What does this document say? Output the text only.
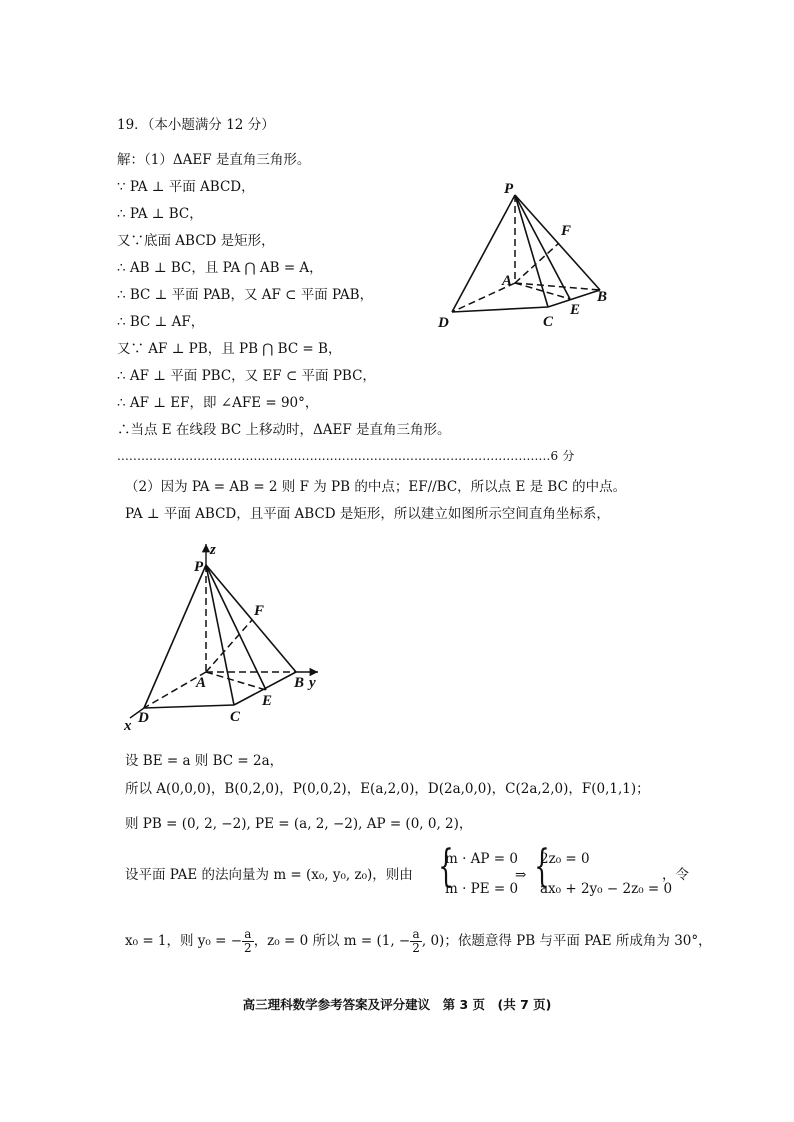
19．（本小题满分 12 分）
解：（1）ΔAEF 是直角三角形。
∵ PA ⊥ 平面 ABCD，
∴ PA ⊥ BC，
又∵底面 ABCD 是矩形，
∴ AB ⊥ BC，且 PA ⋂ AB = A，
∴ BC ⊥ 平面 PAB，又 AF ⊂ 平面 PAB，
∴ BC ⊥ AF，
又∵ AF ⊥ PB，且 PB ⋂ BC = B，
∴ AF ⊥ 平面 PBC，又 EF ⊂ 平面 PBC，
∴ AF ⊥ EF，即 ∠AFE = 90°，
∴当点 E 在线段 BC 上移动时，ΔAEF 是直角三角形。
............................................................................................................6 分
P
F
A
B
E
C
D
（2）因为 PA = AB = 2 则 F 为 PB 的中点；EF//BC，所以点 E 是 BC 的中点。
PA ⊥ 平面 ABCD，且平面 ABCD 是矩形，所以建立如图所示空间直角坐标系，
z
P
F
A	B y
E
C
D
x
设 BE = a 则 BC = 2a，
所以 A(0,0,0)，B(0,2,0)，P(0,0,2)，E(a,2,0)，D(2a,0,0)，C(2a,2,0)，F(0,1,1)；
则 PB = (0, 2, −2), PE = (a, 2, −2), AP = (0, 0, 2)，
设平面 PAE 的法向量为 m = (x₀, y₀, z₀)，则由 {
m · AP = 0
m · PE = 0
⇒ {
2z₀ = 0
ax₀ + 2y₀ − 2z₀ = 0
，令
x₀ = 1，则 y₀ = − $\frac{a}{2}$ ，z₀ = 0 所以 m = (1, − $\frac{a}{2}$ , 0)；依题意得 PB 与平面 PAE 所成角为 30°，
高三理科数学参考答案及评分建议　第 3 页　(共 7 页)
